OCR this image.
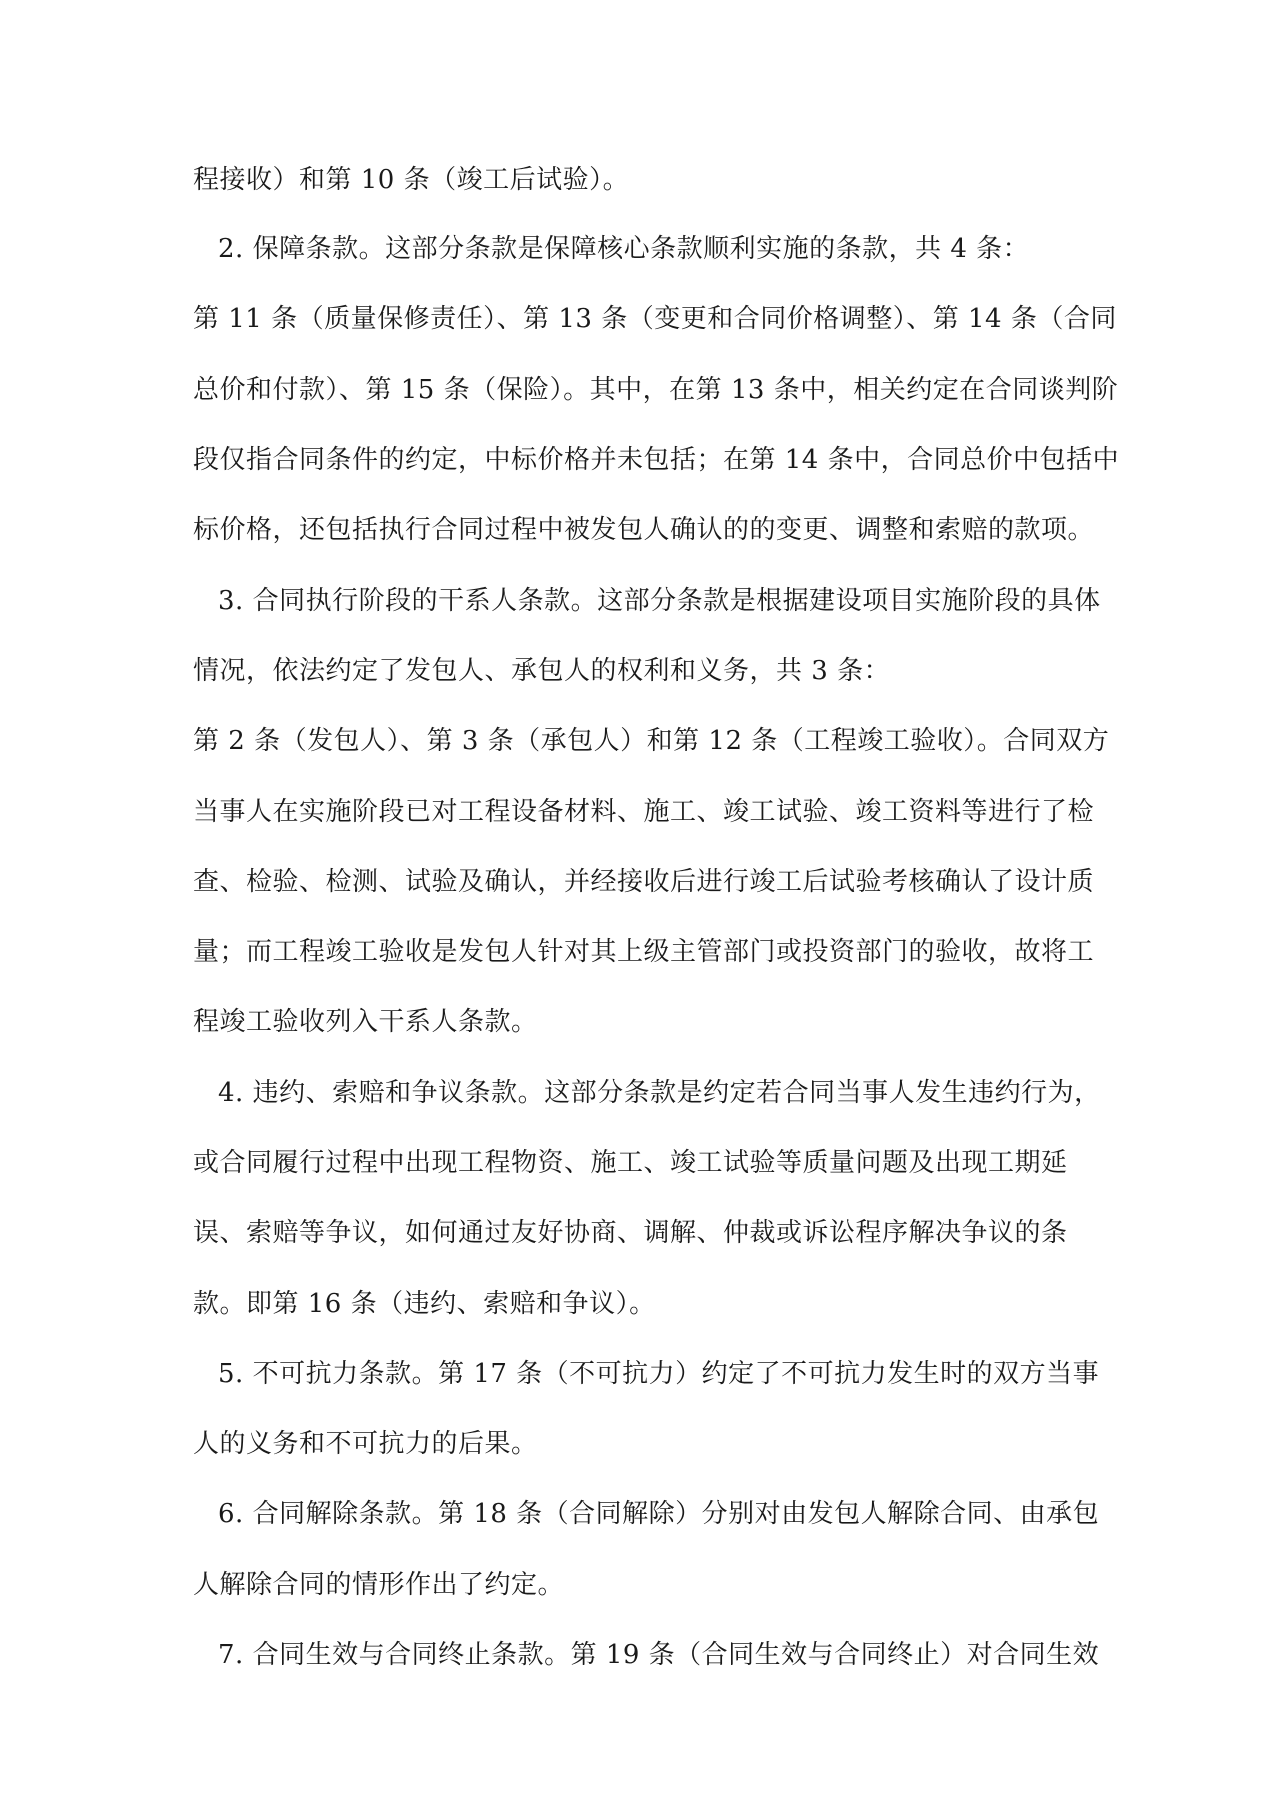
程接收）和第 10 条（竣工后试验）。
2. 保障条款。这部分条款是保障核心条款顺利实施的条款，共 4 条：
第 11 条（质量保修责任）、第 13 条（变更和合同价格调整）、第 14 条（合同
总价和付款）、第 15 条（保险）。其中，在第 13 条中，相关约定在合同谈判阶
段仅指合同条件的约定，中标价格并未包括；在第 14 条中，合同总价中包括中
标价格，还包括执行合同过程中被发包人确认的的变更、调整和索赔的款项。
3. 合同执行阶段的干系人条款。这部分条款是根据建设项目实施阶段的具体
情况，依法约定了发包人、承包人的权利和义务，共 3 条：
第 2 条（发包人）、第 3 条（承包人）和第 12 条（工程竣工验收）。合同双方
当事人在实施阶段已对工程设备材料、施工、竣工试验、竣工资料等进行了检
查、检验、检测、试验及确认，并经接收后进行竣工后试验考核确认了设计质
量；而工程竣工验收是发包人针对其上级主管部门或投资部门的验收，故将工
程竣工验收列入干系人条款。
4. 违约、索赔和争议条款。这部分条款是约定若合同当事人发生违约行为，
或合同履行过程中出现工程物资、施工、竣工试验等质量问题及出现工期延
误、索赔等争议，如何通过友好协商、调解、仲裁或诉讼程序解决争议的条
款。即第 16 条（违约、索赔和争议）。
5. 不可抗力条款。第 17 条（不可抗力）约定了不可抗力发生时的双方当事
人的义务和不可抗力的后果。
6. 合同解除条款。第 18 条（合同解除）分别对由发包人解除合同、由承包
人解除合同的情形作出了约定。
7. 合同生效与合同终止条款。第 19 条（合同生效与合同终止）对合同生效
